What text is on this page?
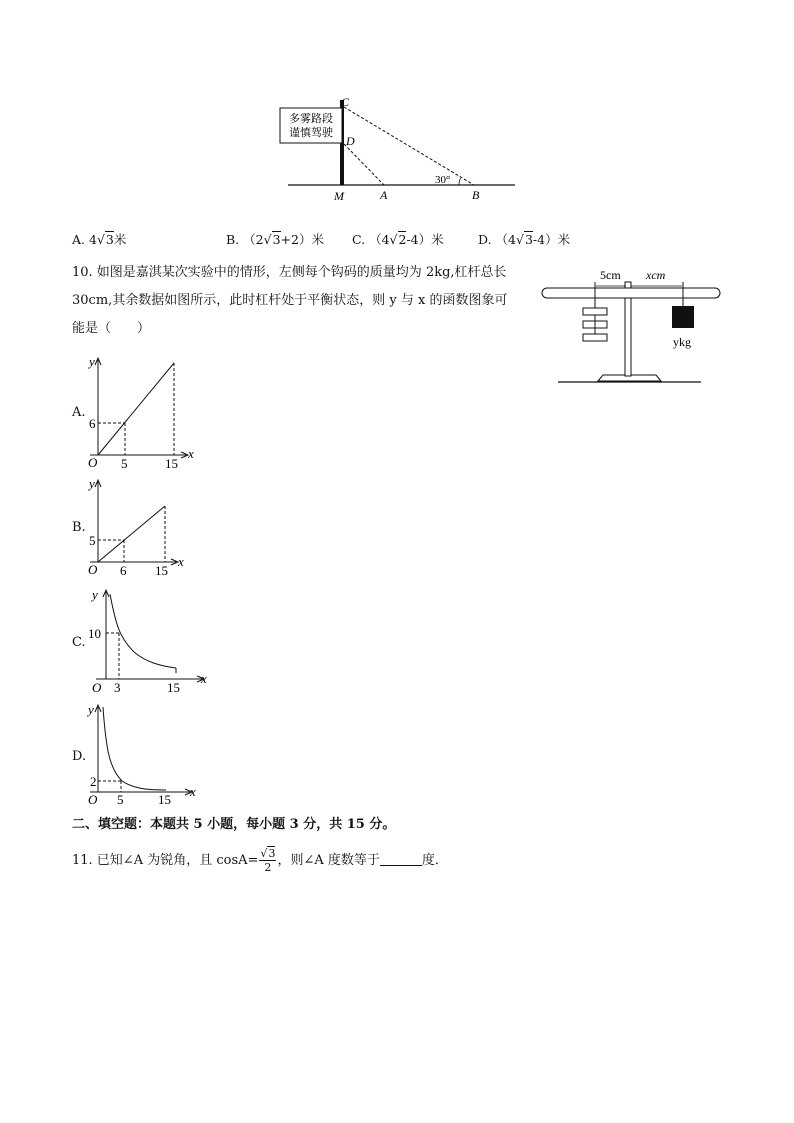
多雾路段
谨慎驾驶
C
D
M	A	B
30°
A. 4√3米	B. （2√3+2）米 C. （4√2-4）米	D. （4√3-4）米
10. 如图是嘉淇某次实验中的情形，左侧每个钩码的质量均为 2kg,杠杆总长
30cm,其余数据如图所示，此时杠杆处于平衡状态，则 y 与 x 的函数图象可
能是（　　）
5cm xcm
ykg
A.
y
x
O
6
5	15
B.
y
x
O
5
6 15
C.
y
x
O
10
3	15
D.
y
x
O
2
5	15
二、填空题：本题共 5 小题，每小题 3 分，共 15 分。
11. 已知∠A 为锐角，且 $\cos A= \frac{√3}{2}$ ，则∠A 度数等于	度．
